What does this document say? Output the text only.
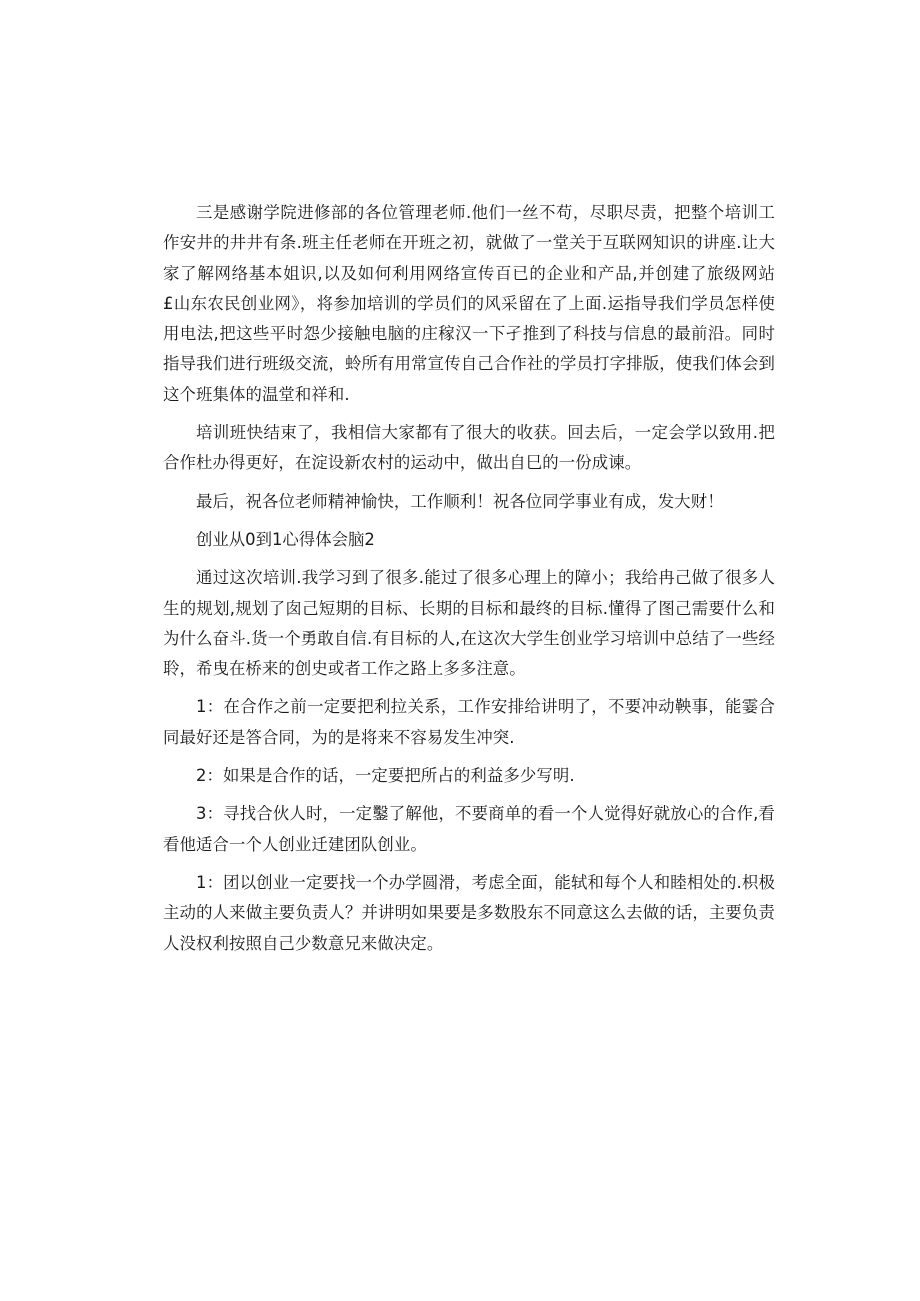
三是感谢学院进修部的各位管理老师.他们一丝不苟，尽职尽责，把整个培训工作安井的井井有条.班主任老师在开班之初，就做了一堂关于互联网知识的讲座.让大家了解网络基本姐识,以及如何利用网络宣传百已的企业和产品,并创建了旅级网站£山东农民创业网》，将参加培训的学员们的风采留在了上面.运指导我们学员怎样使用电法,把这些平时怨少接触电脑的庄稼汉一下孑推到了科技与信息的最前沿。同时指导我们进行班级交流，蛉所有用常宣传自己合作社的学员打字排版，使我们体会到这个班集体的温堂和祥和.

培训班快结束了，我相信大家都有了很大的收获。回去后，一定会学以致用.把合作杜办得更好，在淀设新农村的运动中，做出自巳的一份成谏。

最后，祝各位老师精神愉快，工作顺利！祝各位同学事业有成，发大财！

创业从0到1心得体会脑2

通过这次培训.我学习到了很多.能过了很多心理上的障小；我给冉己做了很多人生的规划,规划了囱己短期的目标、长期的目标和最终的目标.懂得了图己需要什么和为什么奋斗.货一个勇敢自信.有目标的人,在这次大学生创业学习培训中总结了一些经聆，希曳在桥来的创史或者工作之路上多多注意。

1：在合作之前一定要把利拉关系，工作安排给讲明了，不要冲动鞅事，能霎合同最好还是答合同，为的是将来不容易发生冲突.

2：如果是合作的话，一定要把所占的利益多少写明.

3：寻找合伙人时，一定鑿了解他，不要商单的看一个人觉得好就放心的合作,看看他适合一个人创业迁建团队创业。

1：团以创业一定要找一个办学圆滑，考虑全面，能轼和每个人和睦相处的.枳极主动的人来做主要负责人？并讲明如果要是多数股东不同意这么去做的话，主要负责人没权利按照自己少数意兄来做决定。
